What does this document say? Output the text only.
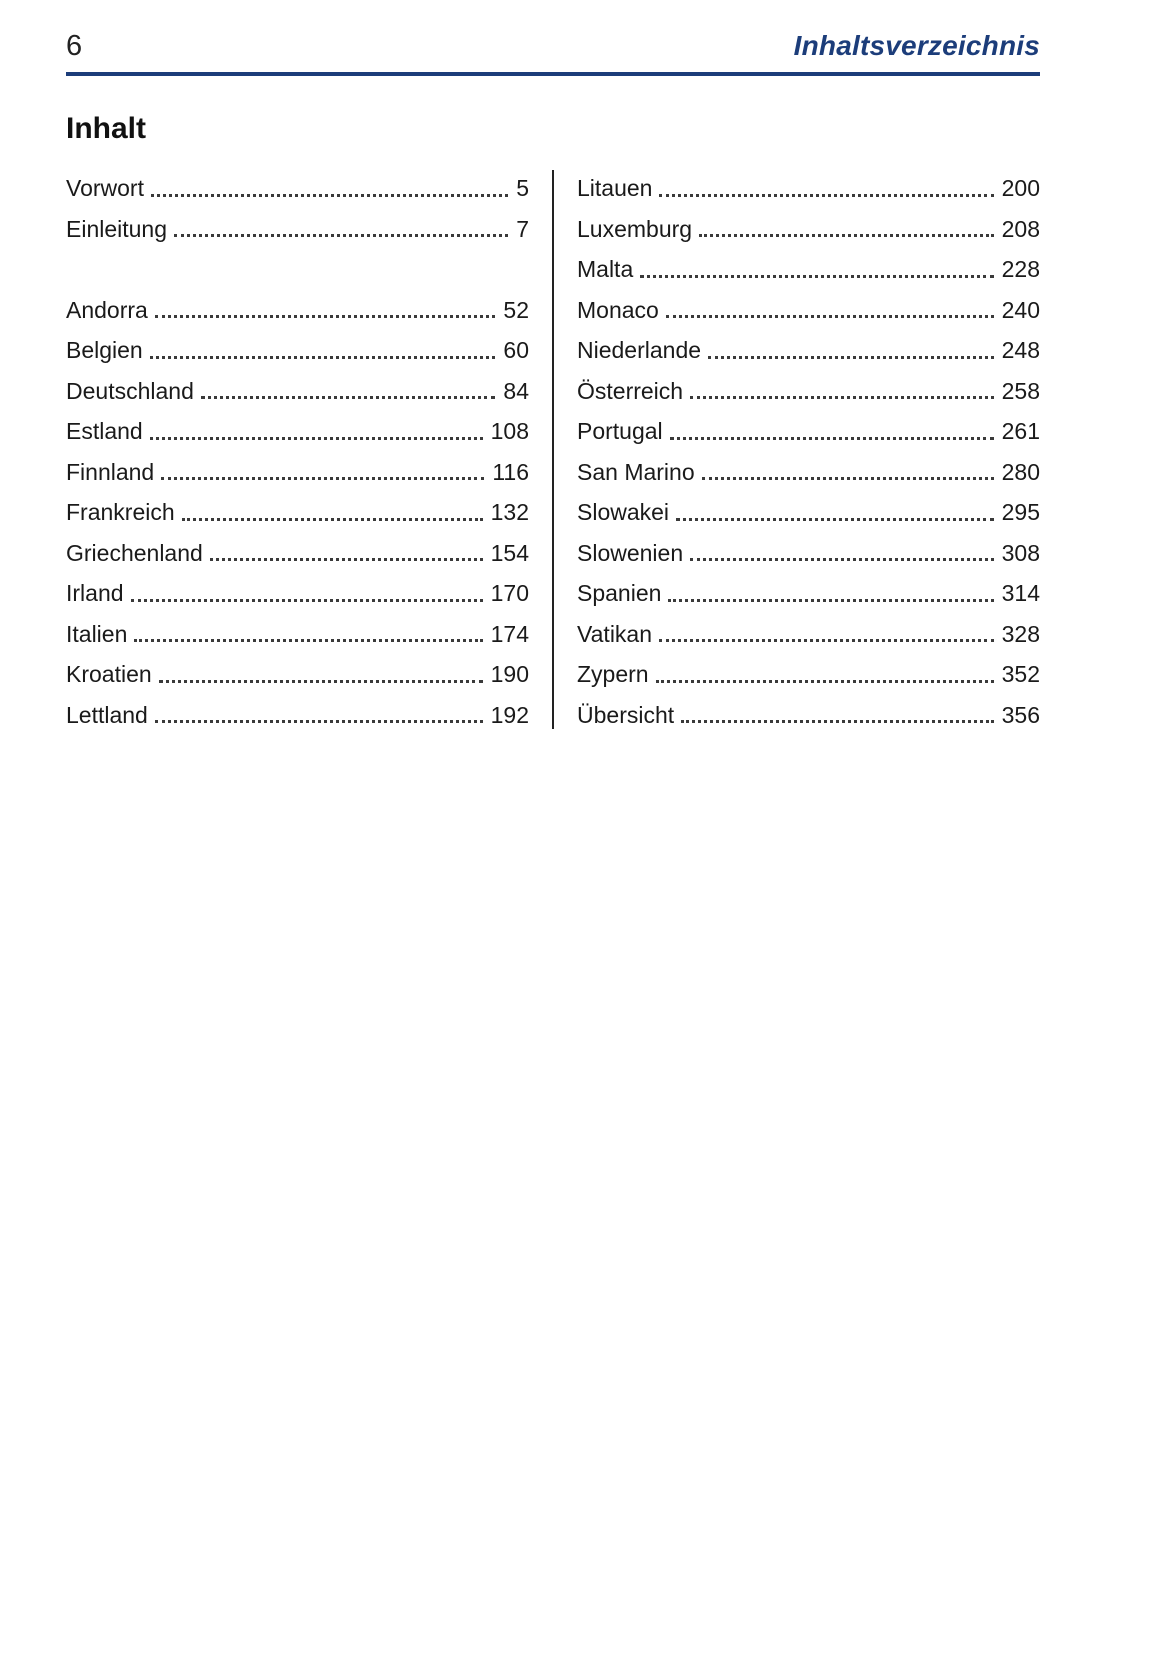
6	Inhaltsverzeichnis
Inhalt
Vorwort	5
Einleitung	7
Andorra	52
Belgien	60
Deutschland	84
Estland	108
Finnland	116
Frankreich	132
Griechenland	154
Irland	170
Italien	174
Kroatien	190
Lettland	192
Litauen	200
Luxemburg	208
Malta	228
Monaco	240
Niederlande	248
Österreich	258
Portugal	261
San Marino	280
Slowakei	295
Slowenien	308
Spanien	314
Vatikan	328
Zypern	352
Übersicht	356
